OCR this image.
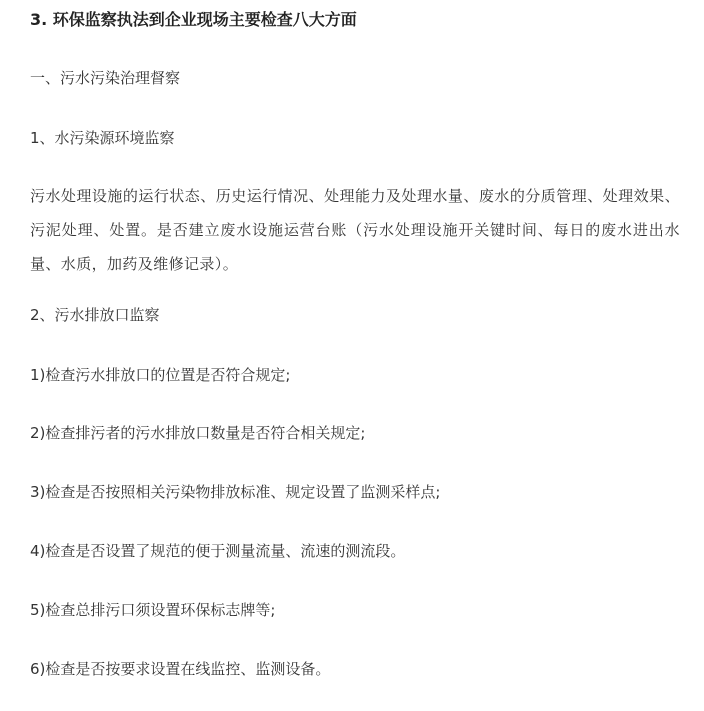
3. 环保监察执法到企业现场主要检查八大方面
一、污水污染治理督察
1、水污染源环境监察
污水处理设施的运行状态、历史运行情况、处理能力及处理水量、废水的分质管理、处理效果、污泥处理、处置。是否建立废水设施运营台账（污水处理设施开关键时间、每日的废水进出水量、水质，加药及维修记录）。
2、污水排放口监察
1)检查污水排放口的位置是否符合规定;
2)检查排污者的污水排放口数量是否符合相关规定;
3)检查是否按照相关污染物排放标准、规定设置了监测采样点;
4)检查是否设置了规范的便于测量流量、流速的测流段。
5)检查总排污口须设置环保标志牌等;
6)检查是否按要求设置在线监控、监测设备。
